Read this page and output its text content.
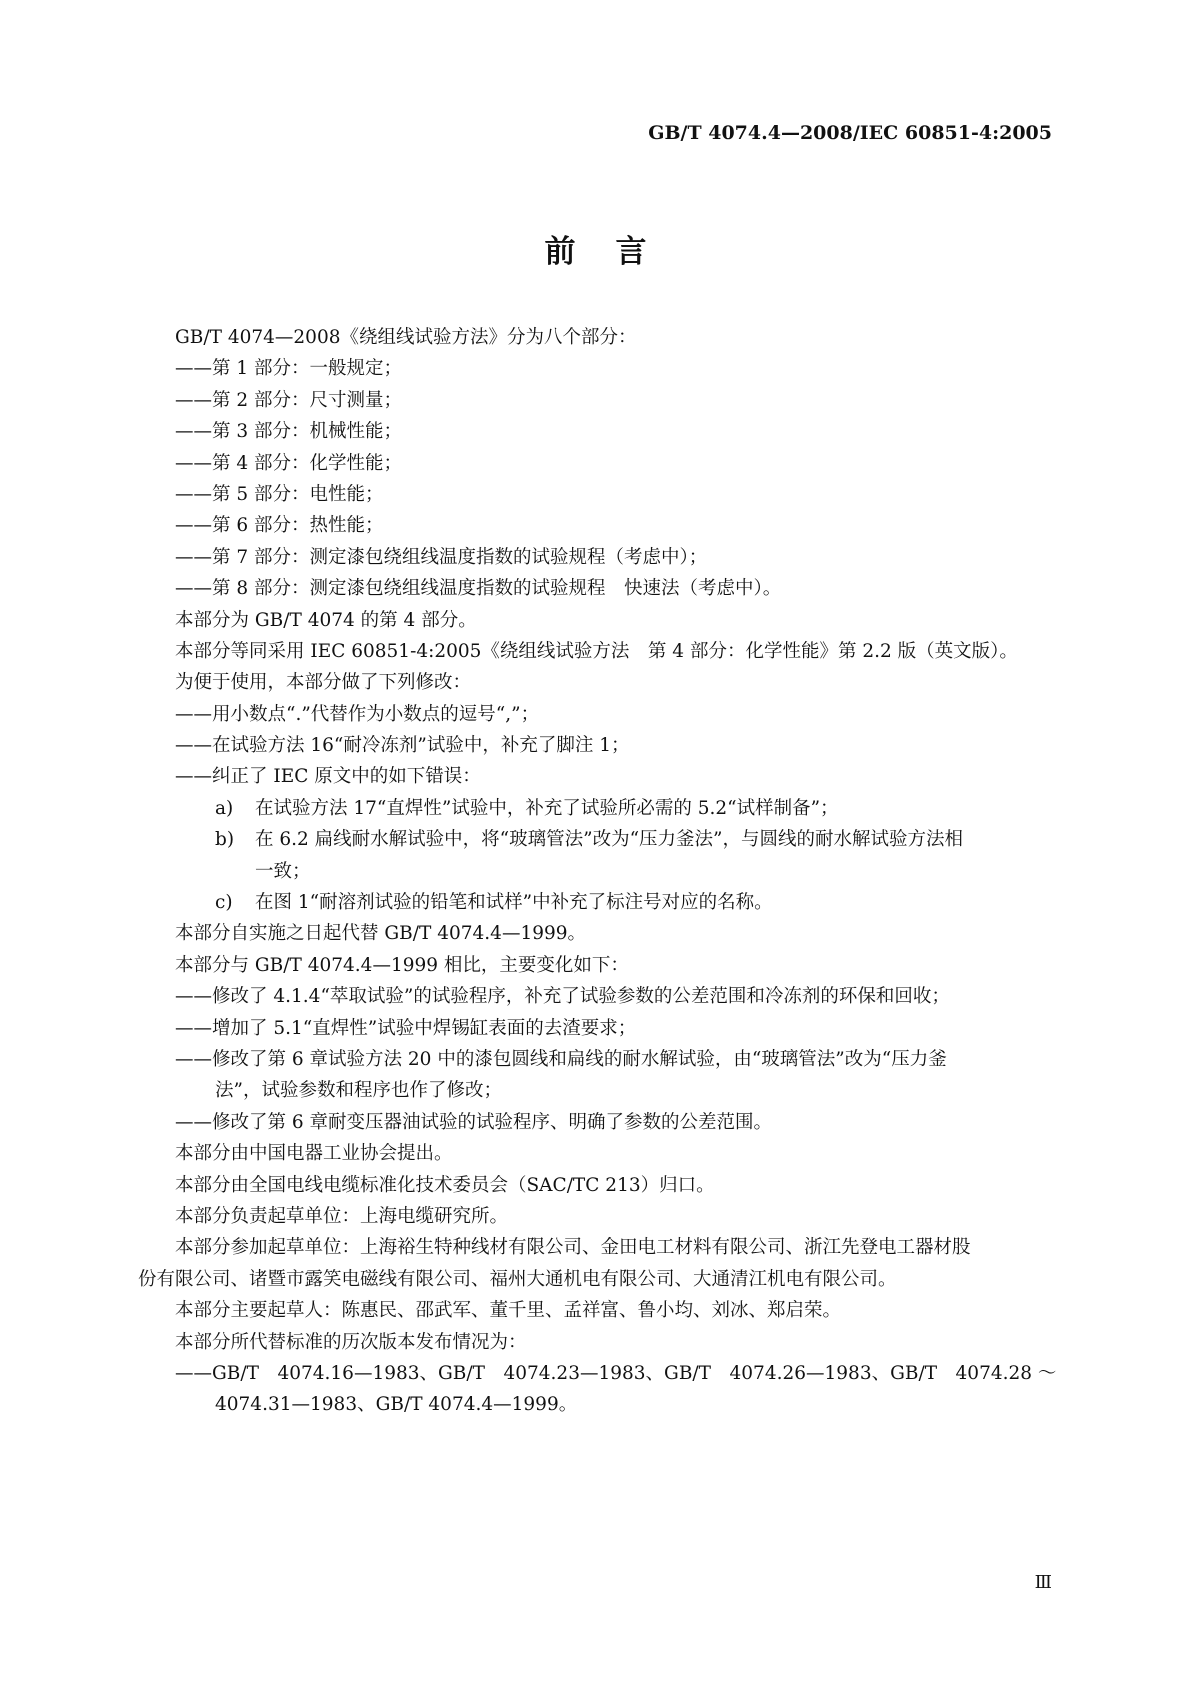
GB/T 4074.4—2008/IEC 60851-4:2005
前言
GB/T 4074—2008《绕组线试验方法》分为八个部分：
——第 1 部分：一般规定；
——第 2 部分：尺寸测量；
——第 3 部分：机械性能；
——第 4 部分：化学性能；
——第 5 部分：电性能；
——第 6 部分：热性能；
——第 7 部分：测定漆包绕组线温度指数的试验规程（考虑中）；
——第 8 部分：测定漆包绕组线温度指数的试验规程　快速法（考虑中）。
本部分为 GB/T 4074 的第 4 部分。
本部分等同采用 IEC 60851-4:2005《绕组线试验方法　第 4 部分：化学性能》第 2.2 版（英文版）。
为便于使用，本部分做了下列修改：
——用小数点“.”代替作为小数点的逗号“,”；
——在试验方法 16“耐冷冻剂”试验中，补充了脚注 1；
——纠正了 IEC 原文中的如下错误：
a) 在试验方法 17“直焊性”试验中，补充了试验所必需的 5.2“试样制备”；
b) 在 6.2 扁线耐水解试验中，将“玻璃管法”改为“压力釜法”，与圆线的耐水解试验方法相
一致；
c) 在图 1“耐溶剂试验的铅笔和试样”中补充了标注号对应的名称。
本部分自实施之日起代替 GB/T 4074.4—1999。
本部分与 GB/T 4074.4—1999 相比，主要变化如下：
——修改了 4.1.4“萃取试验”的试验程序，补充了试验参数的公差范围和冷冻剂的环保和回收；
——增加了 5.1“直焊性”试验中焊锡缸表面的去渣要求；
——修改了第 6 章试验方法 20 中的漆包圆线和扁线的耐水解试验，由“玻璃管法”改为“压力釜
法”，试验参数和程序也作了修改；
——修改了第 6 章耐变压器油试验的试验程序、明确了参数的公差范围。
本部分由中国电器工业协会提出。
本部分由全国电线电缆标准化技术委员会（SAC/TC 213）归口。
本部分负责起草单位：上海电缆研究所。
本部分参加起草单位：上海裕生特种线材有限公司、金田电工材料有限公司、浙江先登电工器材股
份有限公司、诸暨市露笑电磁线有限公司、福州大通机电有限公司、大通清江机电有限公司。
本部分主要起草人：陈惠民、邵武军、董千里、孟祥富、鲁小均、刘冰、郑启荣。
本部分所代替标准的历次版本发布情况为：
——GB/T　4074.16—1983、GB/T　4074.23—1983、GB/T　4074.26—1983、GB/T　4074.28 ～
4074.31—1983、GB/T 4074.4—1999。
Ⅲ
